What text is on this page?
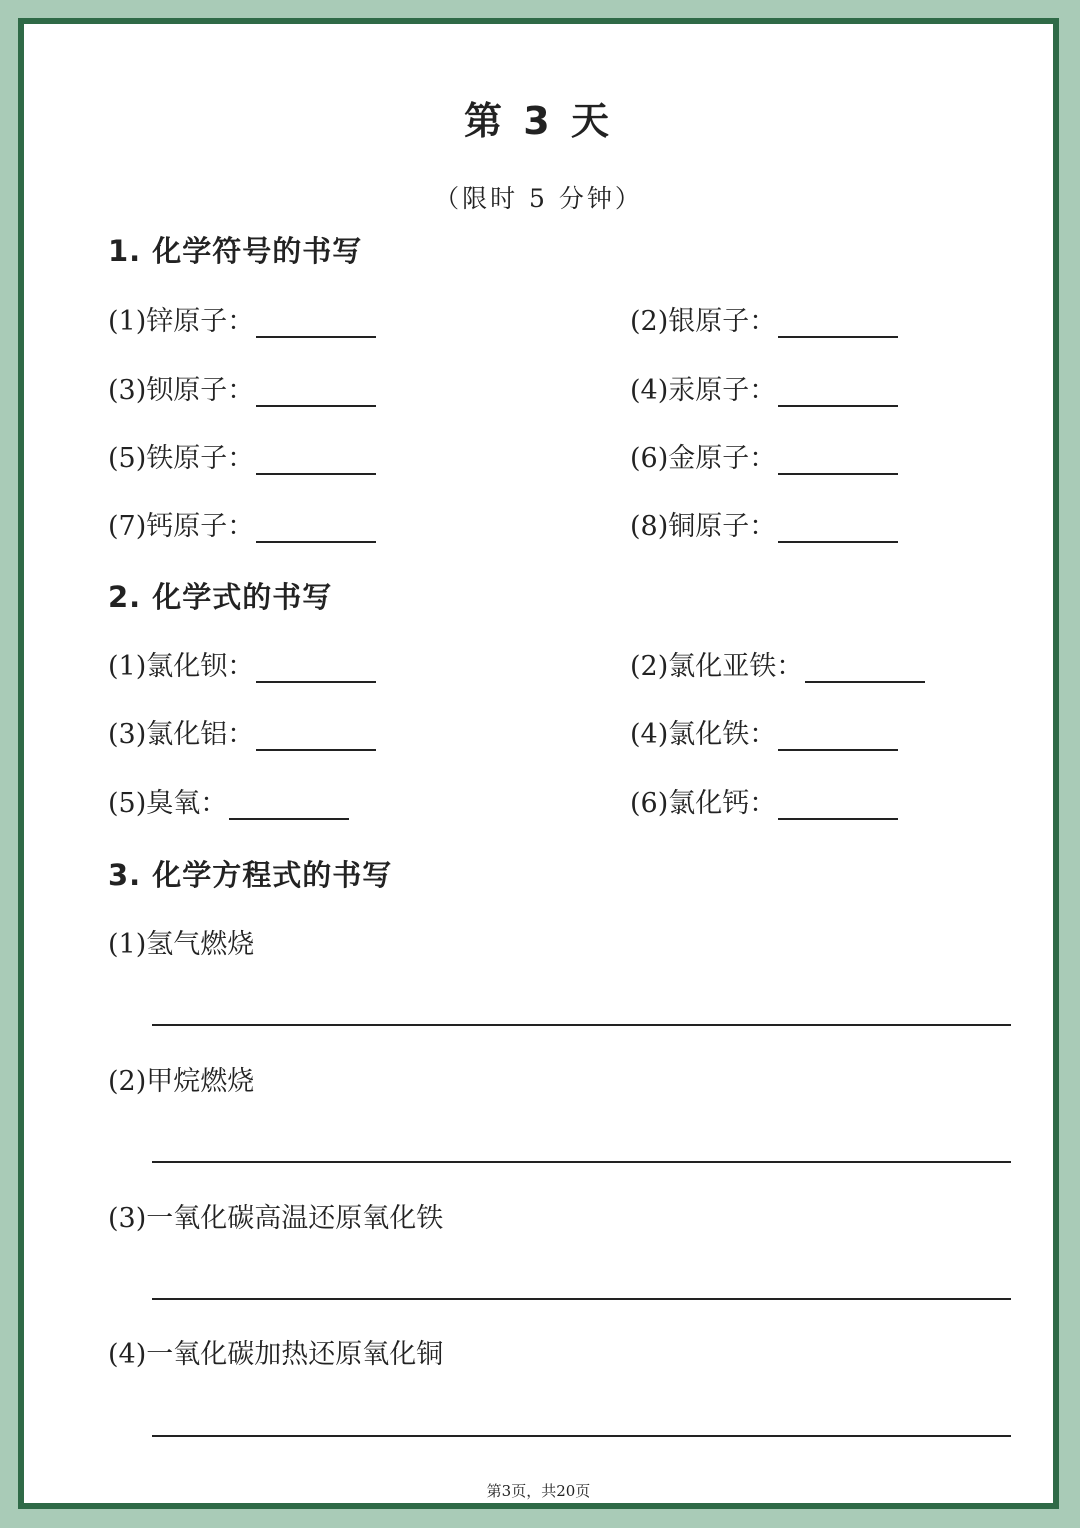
第 3 天
（限时 5 分钟）
1. 化学符号的书写
(1)锌原子：	(2)银原子：
(3)钡原子：	(4)汞原子：
(5)铁原子：	(6)金原子：
(7)钙原子：	(8)铜原子：
2. 化学式的书写
(1)氯化钡：	(2)氯化亚铁：
(3)氯化铝：	(4)氯化铁：
(5)臭氧：	(6)氯化钙：
3. 化学方程式的书写
(1)氢气燃烧
(2)甲烷燃烧
(3)一氧化碳高温还原氧化铁
(4)一氧化碳加热还原氧化铜
第3页，共20页
